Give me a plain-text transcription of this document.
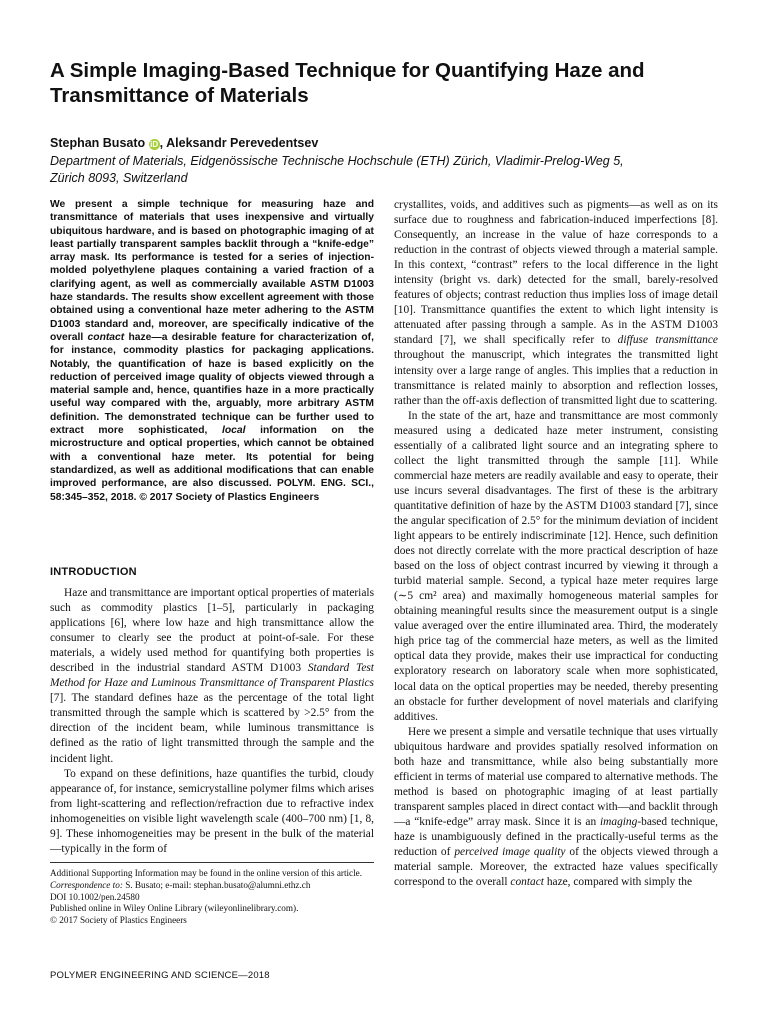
A Simple Imaging-Based Technique for Quantifying Haze and Transmittance of Materials
Stephan Busato iD , Aleksandr Perevedentsev
Department of Materials, Eidgenössische Technische Hochschule (ETH) Zürich, Vladimir-Prelog-Weg 5,
Zürich 8093, Switzerland
We present a simple technique for measuring haze and transmittance of materials that uses inexpensive and virtually ubiquitous hardware, and is based on photographic imaging of at least partially transparent samples backlit through a “knife-edge” array mask. Its performance is tested for a series of injection-molded polyethylene plaques containing a varied fraction of a clarifying agent, as well as commercially available ASTM D1003 haze standards. The results show excellent agreement with those obtained using a conventional haze meter adhering to the ASTM D1003 standard and, moreover, are specifically indicative of the overall contact haze—a desirable feature for characterization of, for instance, commodity plastics for packaging applications. Notably, the quantification of haze is based explicitly on the reduction of perceived image quality of objects viewed through a material sample and, hence, quantifies haze in a more practically useful way compared with the, arguably, more arbitrary ASTM definition. The demonstrated technique can be further used to extract more sophisticated, local information on the microstructure and optical properties, which cannot be obtained with a conventional haze meter. Its potential for being standardized, as well as additional modifications that can enable improved performance, are also discussed. POLYM. ENG. SCI., 58:345–352, 2018. © 2017 Society of Plastics Engineers
INTRODUCTION

Haze and transmittance are important optical properties of materials such as commodity plastics [1–5], particularly in packaging applications [6], where low haze and high transmittance allow the consumer to clearly see the product at point-of-sale. For these materials, a widely used method for quantifying both properties is described in the industrial standard ASTM D1003 Standard Test Method for Haze and Luminous Transmittance of Transparent Plastics [7]. The standard defines haze as the percentage of the total light transmitted through the sample which is scattered by >2.5° from the direction of the incident beam, while luminous transmittance is defined as the ratio of light transmitted through the sample and the incident light.

To expand on these definitions, haze quantifies the turbid, cloudy appearance of, for instance, semicrystalline polymer films which arises from light-scattering and reflection/refraction due to refractive index inhomogeneities on visible light wavelength scale (400–700 nm) [1, 8, 9]. These inhomogeneities may be present in the bulk of the material—typically in the form of

Additional Supporting Information may be found in the online version of this article.
Correspondence to: S. Busato; e-mail: stephan.busato@alumni.ethz.ch
DOI 10.1002/pen.24580
Published online in Wiley Online Library (wileyonlinelibrary.com).
© 2017 Society of Plastics Engineers

crystallites, voids, and additives such as pigments—as well as on its surface due to roughness and fabrication-induced imperfections [8]. Consequently, an increase in the value of haze corresponds to a reduction in the contrast of objects viewed through a material sample. In this context, “contrast” refers to the local difference in the light intensity (bright vs. dark) detected for the small, barely-resolved features of objects; contrast reduction thus implies loss of image detail [10]. Transmittance quantifies the extent to which light intensity is attenuated after passing through a sample. As in the ASTM D1003 standard [7], we shall specifically refer to diffuse transmittance throughout the manuscript, which integrates the transmitted light intensity over a large range of angles. This implies that a reduction in transmittance is related mainly to absorption and reflection losses, rather than the off-axis deflection of transmitted light due to scattering.

In the state of the art, haze and transmittance are most commonly measured using a dedicated haze meter instrument, consisting essentially of a calibrated light source and an integrating sphere to collect the light transmitted through the sample [11]. While commercial haze meters are readily available and easy to operate, their use incurs several disadvantages. The first of these is the arbitrary quantitative definition of haze by the ASTM D1003 standard [7], since the angular specification of 2.5° for the minimum deviation of incident light appears to be entirely indiscriminate [12]. Hence, such definition does not directly correlate with the more practical description of haze based on the loss of object contrast incurred by viewing it through a turbid material sample. Second, a typical haze meter requires large (∼5 cm² area) and maximally homogeneous material samples for obtaining meaningful results since the measurement output is a single value averaged over the entire illuminated area. Third, the moderately high price tag of the commercial haze meters, as well as the limited optical data they provide, makes their use impractical for conducting exploratory research on laboratory scale when more sophisticated, local data on the optical properties may be needed, thereby presenting an obstacle for further development of novel materials and clarifying additives.

Here we present a simple and versatile technique that uses virtually ubiquitous hardware and provides spatially resolved information on both haze and transmittance, while also being substantially more efficient in terms of material use compared to alternative methods. The method is based on photographic imaging of at least partially transparent samples placed in direct contact with—and backlit through—a “knife-edge” array mask. Since it is an imaging-based technique, haze is unambiguously defined in the practically-useful terms as the reduction of perceived image quality of the objects viewed through a material sample. Moreover, the extracted haze values specifically correspond to the overall contact haze, compared with simply the

POLYMER ENGINEERING AND SCIENCE—2018
